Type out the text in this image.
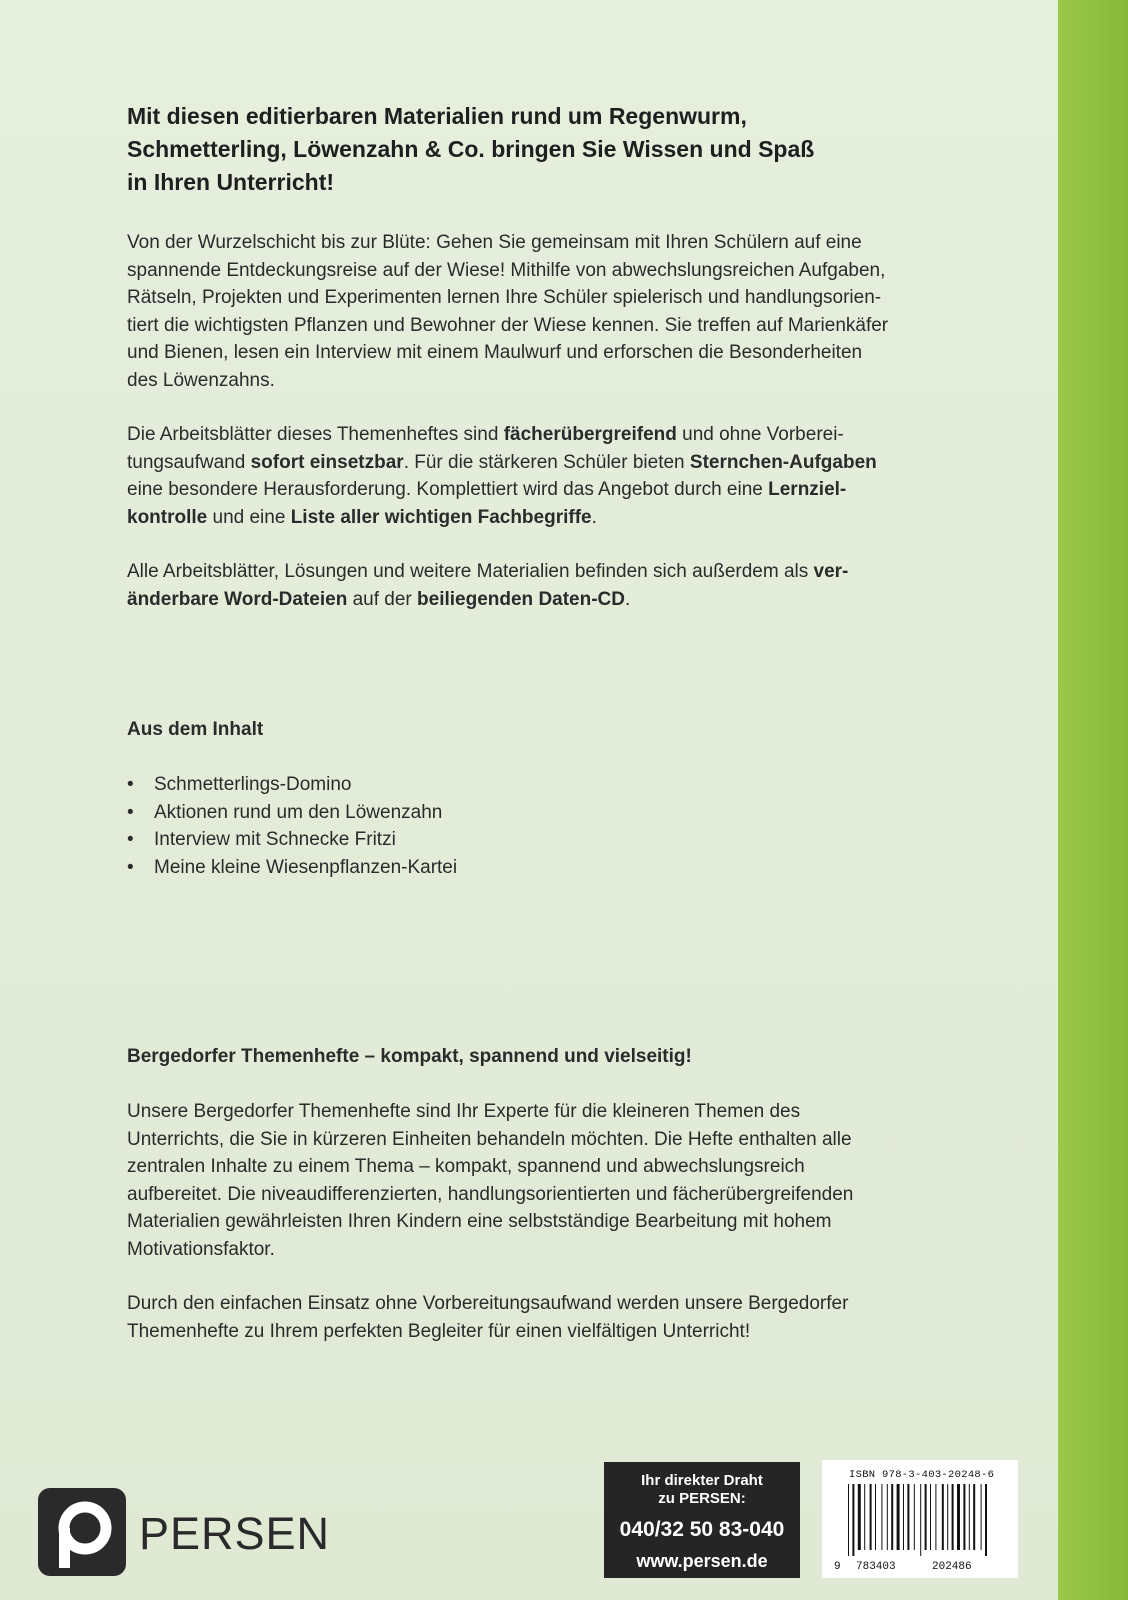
Mit diesen editierbaren Materialien rund um Regenwurm,
Schmetterling, Löwenzahn & Co. bringen Sie Wissen und Spaß
in Ihren Unterricht!
Von der Wurzelschicht bis zur Blüte: Gehen Sie gemeinsam mit Ihren Schülern auf eine
spannende Entdeckungsreise auf der Wiese! Mithilfe von abwechslungsreichen Aufgaben,
Rätseln, Projekten und Experimenten lernen Ihre Schüler spielerisch und handlungsorien-
tiert die wichtigsten Pflanzen und Bewohner der Wiese kennen. Sie treffen auf Marienkäfer
und Bienen, lesen ein Interview mit einem Maulwurf und erforschen die Besonderheiten
des Löwenzahns.
Die Arbeitsblätter dieses Themenheftes sind fächerübergreifend und ohne Vorberei-
tungsaufwand sofort einsetzbar. Für die stärkeren Schüler bieten Sternchen-Aufgaben
eine besondere Herausforderung. Komplettiert wird das Angebot durch eine Lernziel-
kontrolle und eine Liste aller wichtigen Fachbegriffe.
Alle Arbeitsblätter, Lösungen und weitere Materialien befinden sich außerdem als ver-
änderbare Word-Dateien auf der beiliegenden Daten-CD.

Aus dem Inhalt

• Schmetterlings-Domino
• Aktionen rund um den Löwenzahn
• Interview mit Schnecke Fritzi
• Meine kleine Wiesenpflanzen-Kartei

Bergedorfer Themenhefte – kompakt, spannend und vielseitig!

Unsere Bergedorfer Themenhefte sind Ihr Experte für die kleineren Themen des
Unterrichts, die Sie in kürzeren Einheiten behandeln möchten. Die Hefte enthalten alle
zentralen Inhalte zu einem Thema – kompakt, spannend und abwechslungsreich
aufbereitet. Die niveaudifferenzierten, handlungsorientierten und fächerübergreifenden
Materialien gewährleisten Ihren Kindern eine selbstständige Bearbeitung mit hohem
Motivationsfaktor.
Durch den einfachen Einsatz ohne Vorbereitungsaufwand werden unsere Bergedorfer
Themenhefte zu Ihrem perfekten Begleiter für einen vielfältigen Unterricht!
PERSEN
Ihr direkter Draht
zu PERSEN:
040/32 50 83-040
www.persen.de
ISBN 978-3-403-20248-6
9 783403	202486
